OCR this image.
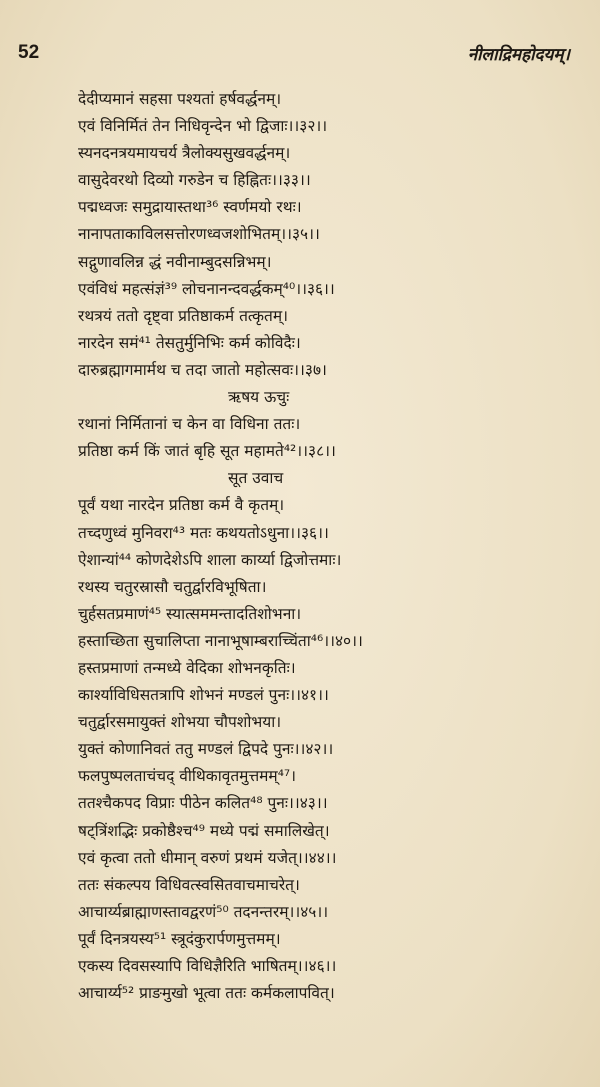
52	नीलाद्रिमहोदयम्।
देदीप्यमानं सहसा पश्यतां हर्षवर्द्धनम्।
एवं विनिर्मितं तेन निधिवृन्देन भो द्विजाः।।३२।।
स्यनदनत्रयमायचर्य त्रैलोक्यसुखवर्द्धनम्।
वासुदेवरथो दिव्यो गरुडेन च हिह्नितः।।३३।।
पद्मध्वजः समुद्रायास्तथा³⁶ स्वर्णमयो रथः।
नानापताकाविलसत्तोरणध्वजशोभितम्।।३५।।
सद्गुणावलिन्न द्धं नवीनाम्बुदसन्निभम्।
एवंविधं महत्संज्ञं³⁹ लोचनानन्दवर्द्धकम्⁴⁰।।३६।।
रथत्रयं ततो दृष्ट्वा प्रतिष्ठाकर्म तत्कृतम्।
नारदेन समं⁴¹ तेसतुर्मुनिभिः कर्म कोविदैः।
दारुब्रह्मागमार्मथ च तदा जातो महोत्सवः।।३७।
ऋषय ऊचुः
रथानां निर्मितानां च केन वा विधिना ततः।
प्रतिष्ठा कर्म किं जातं बृहि सूत महामते⁴²।।३८।।
सूत उवाच
पूर्वं यथा नारदेन प्रतिष्ठा कर्म वै कृतम्।
तच्दणुध्वं मुनिवरा⁴³ मतः कथयतोऽधुना।।३६।।
ऐशान्यां⁴⁴ कोणदेशेऽपि शाला कार्य्या द्विजोत्तमाः।
रथस्य चतुरस्रासौ चतुर्द्वारविभूषिता।
चुर्हसतप्रमाणं⁴⁵ स्यात्सममन्तादतिशोभना।
हस्ताच्छिता सुचालिप्ता नानाभूषाम्बराच्चिंता⁴⁶।।४०।।
हस्तप्रमाणां तन्मध्ये वेदिका शोभनकृतिः।
कार्श्याविधिसतत्रापि शोभनं मण्डलं पुनः।।४१।।
चतुर्द्वारसमायुक्तं शोभया चौपशोभया।
युक्तं कोणानिवतं ततु मण्डलं द्विपदे पुनः।।४२।।
फलपुष्पलताचंचद् वीथिकावृतमुत्तमम्⁴⁷।
ततश्चैकपद विप्राः पीठेन कलित⁴⁸ पुनः।।४३।।
षट्त्रिंशद्भिः प्रकोष्ठैश्च⁴⁹ मध्ये पद्मं समालिखेत्।
एवं कृत्वा ततो धीमान् वरुणं प्रथमं यजेत्।।४४।।
ततः संकल्पय विधिवत्स्वसितवाचमाचरेत्।
आचार्य्यब्राह्माणस्तावद्वरणं⁵⁰ तदनन्तरम्।।४५।।
पूर्वं दिनत्रयस्य⁵¹ स्त्रूदंकुरार्पणमुत्तमम्।
एकस्य दिवसस्यापि विधिज्ञैरिति भाषितम्।।४६।।
आचार्य्य⁵² प्राङमुखो भूत्वा ततः कर्मकलापवित्।
